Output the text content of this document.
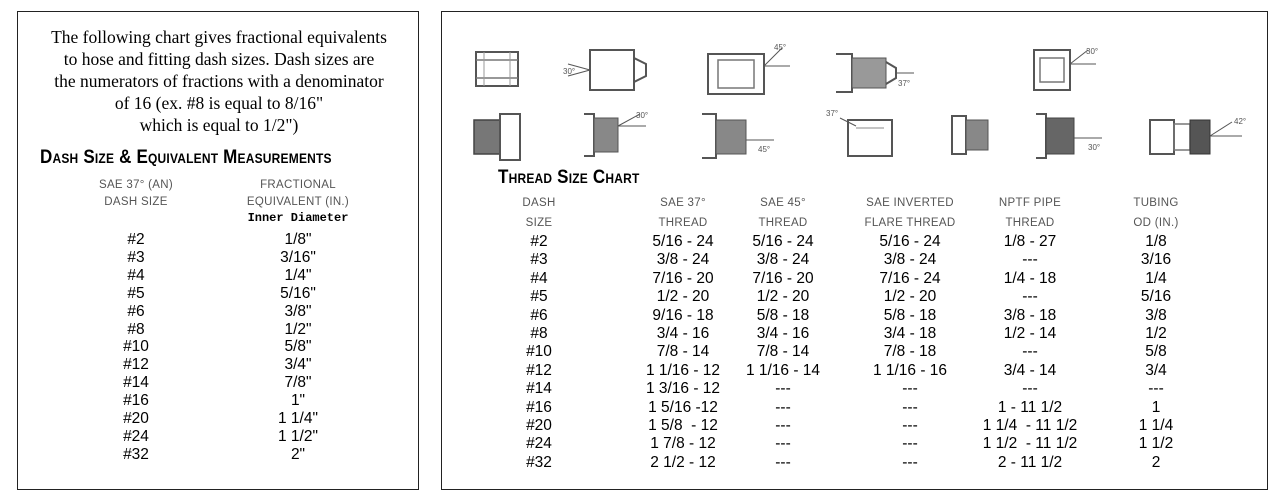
The following chart gives fractional equivalents
to hose and fitting dash sizes. Dash sizes are
the numerators of fractions with a denominator
of 16 (ex. #8 is equal to 8/16"
which is equal to 1/2")

Dash Size & Equivalent Measurements
SAE 37° (AN)
DASH SIZE
FRACTIONAL
EQUIVALENT (IN.)
Inner Diameter
#2	1/8"
#3	3/16"
#4	1/4"
#5	5/16"
#6	3/8"
#8	1/2"
#10	5/8"
#12	3/4"
#14	7/8"
#16	1"
#20	1 1/4"
#24	1 1/2"
#32	2"
30°
45°
37°
30°
30°
45°
37°
30°
42°
Thread Size Chart
DASH
SIZE
SAE 37°
THREAD
SAE 45°
THREAD
SAE INVERTED
FLARE THREAD
NPTF PIPE
THREAD
TUBING
OD (IN.)
#2	5/16 - 24	5/16 - 24	5/16 - 24	1/8 - 27	1/8
#3	3/8 - 24	3/8 - 24	3/8 - 24	---	3/16
#4	7/16 - 20	7/16 - 20	7/16 - 24	1/4 - 18	1/4
#5	1/2 - 20	1/2 - 20	1/2 - 20	---	5/16
#6	9/16 - 18	5/8 - 18	5/8 - 18	3/8 - 18	3/8
#8	3/4 - 16	3/4 - 16	3/4 - 18	1/2 - 14	1/2
#10	7/8 - 14	7/8 - 14	7/8 - 18	---	5/8
#12	1 1/16 - 12	1 1/16 - 14	1 1/16 - 16	3/4 - 14	3/4
#14	1 3/16 - 12	---	---	---	---
#16	1 5/16 -12	---	---	1 - 11 1/2	1
#20	1 5/8  - 12	---	---	1 1/4  - 11 1/2	1 1/4
#24	1 7/8 - 12	---	---	1 1/2  - 11 1/2	1 1/2
#32	2 1/2 - 12	---	---	2 - 11 1/2	2
